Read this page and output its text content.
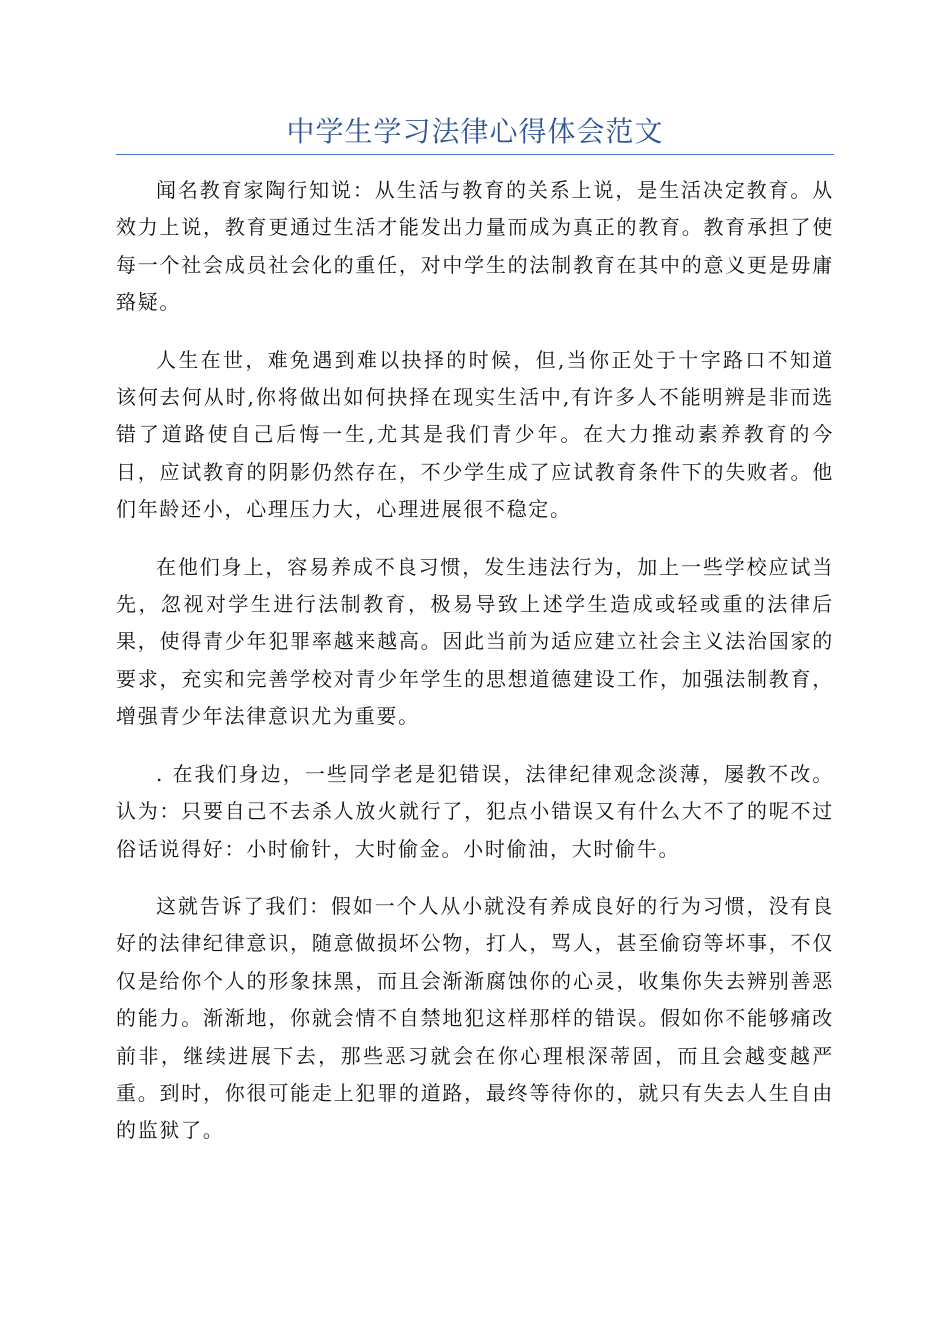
中学生学习法律心得体会范文

闻名教育家陶行知说：从生活与教育的关系上说，是生活决定教育。从效力上说，教育更通过生活才能发出力量而成为真正的教育。教育承担了使每一个社会成员社会化的重任，对中学生的法制教育在其中的意义更是毋庸臵疑。

人生在世，难免遇到难以抉择的时候，但,当你正处于十字路口不知道该何去何从时,你将做出如何抉择在现实生活中,有许多人不能明辨是非而选错了道路使自己后悔一生,尤其是我们青少年。在大力推动素养教育的今日，应试教育的阴影仍然存在，不少学生成了应试教育条件下的失败者。他们年龄还小，心理压力大，心理进展很不稳定。

在他们身上，容易养成不良习惯，发生违法行为，加上一些学校应试当先，忽视对学生进行法制教育，极易导致上述学生造成或轻或重的法律后果，使得青少年犯罪率越来越高。因此当前为适应建立社会主义法治国家的要求，充实和完善学校对青少年学生的思想道德建设工作，加强法制教育，增强青少年法律意识尤为重要。

. 在我们身边，一些同学老是犯错误，法律纪律观念淡薄，屡教不改。认为：只要自己不去杀人放火就行了，犯点小错误又有什么大不了的呢不过俗话说得好：小时偷针，大时偷金。小时偷油，大时偷牛。

这就告诉了我们：假如一个人从小就没有养成良好的行为习惯，没有良好的法律纪律意识，随意做损坏公物，打人，骂人，甚至偷窃等坏事，不仅仅是给你个人的形象抹黑，而且会渐渐腐蚀你的心灵，收集你失去辨别善恶的能力。渐渐地，你就会情不自禁地犯这样那样的错误。假如你不能够痛改前非，继续进展下去，那些恶习就会在你心理根深蒂固，而且会越变越严重。到时，你很可能走上犯罪的道路，最终等待你的，就只有失去人生自由的监狱了。
